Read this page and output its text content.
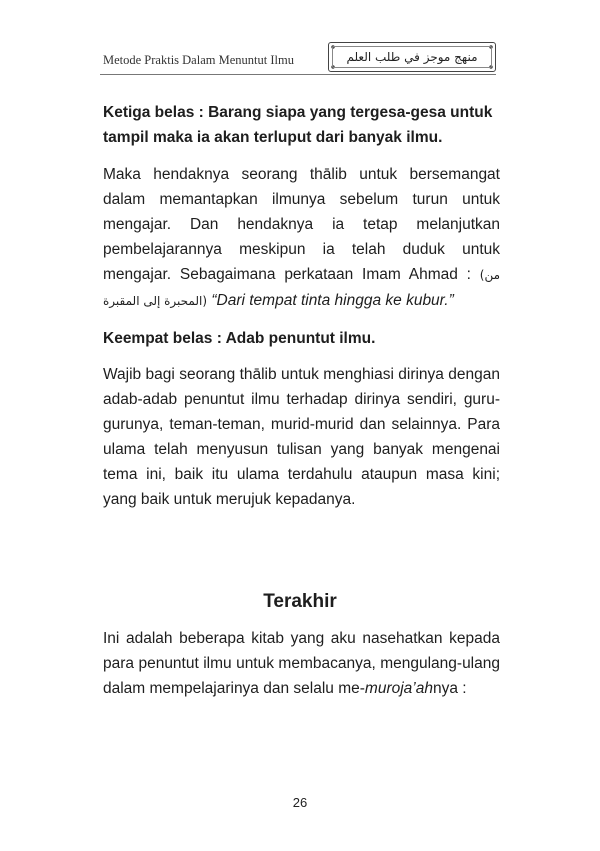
Metode Praktis Dalam Menuntut Ilmu	منهج موجز في طلب العلم

Ketiga belas : Barang siapa yang tergesa-gesa untuk tampil maka ia akan terluput dari banyak ilmu.

Maka hendaknya seorang thālib untuk bersemangat dalam memantapkan ilmunya sebelum turun untuk mengajar. Dan hendaknya ia tetap melanjutkan pembelajarannya meskipun ia telah duduk untuk mengajar. Sebagaimana perkataan Imam Ahmad : (من المحبرة إلى المقبرة) “Dari tempat tinta hingga ke kubur.”

Keempat belas : Adab penuntut ilmu.

Wajib bagi seorang thālib untuk menghiasi dirinya dengan adab-adab penuntut ilmu terhadap dirinya sendiri, guru-gurunya, teman-teman, murid-murid dan selainnya. Para ulama telah menyusun tulisan yang banyak mengenai tema ini, baik itu ulama terdahulu ataupun masa kini; yang baik untuk merujuk kepadanya.

Terakhir

Ini adalah beberapa kitab yang aku nasehatkan kepada para penuntut ilmu untuk membacanya, mengulang-ulang dalam mempelajarinya dan selalu me-muroja’ahnya :

26
